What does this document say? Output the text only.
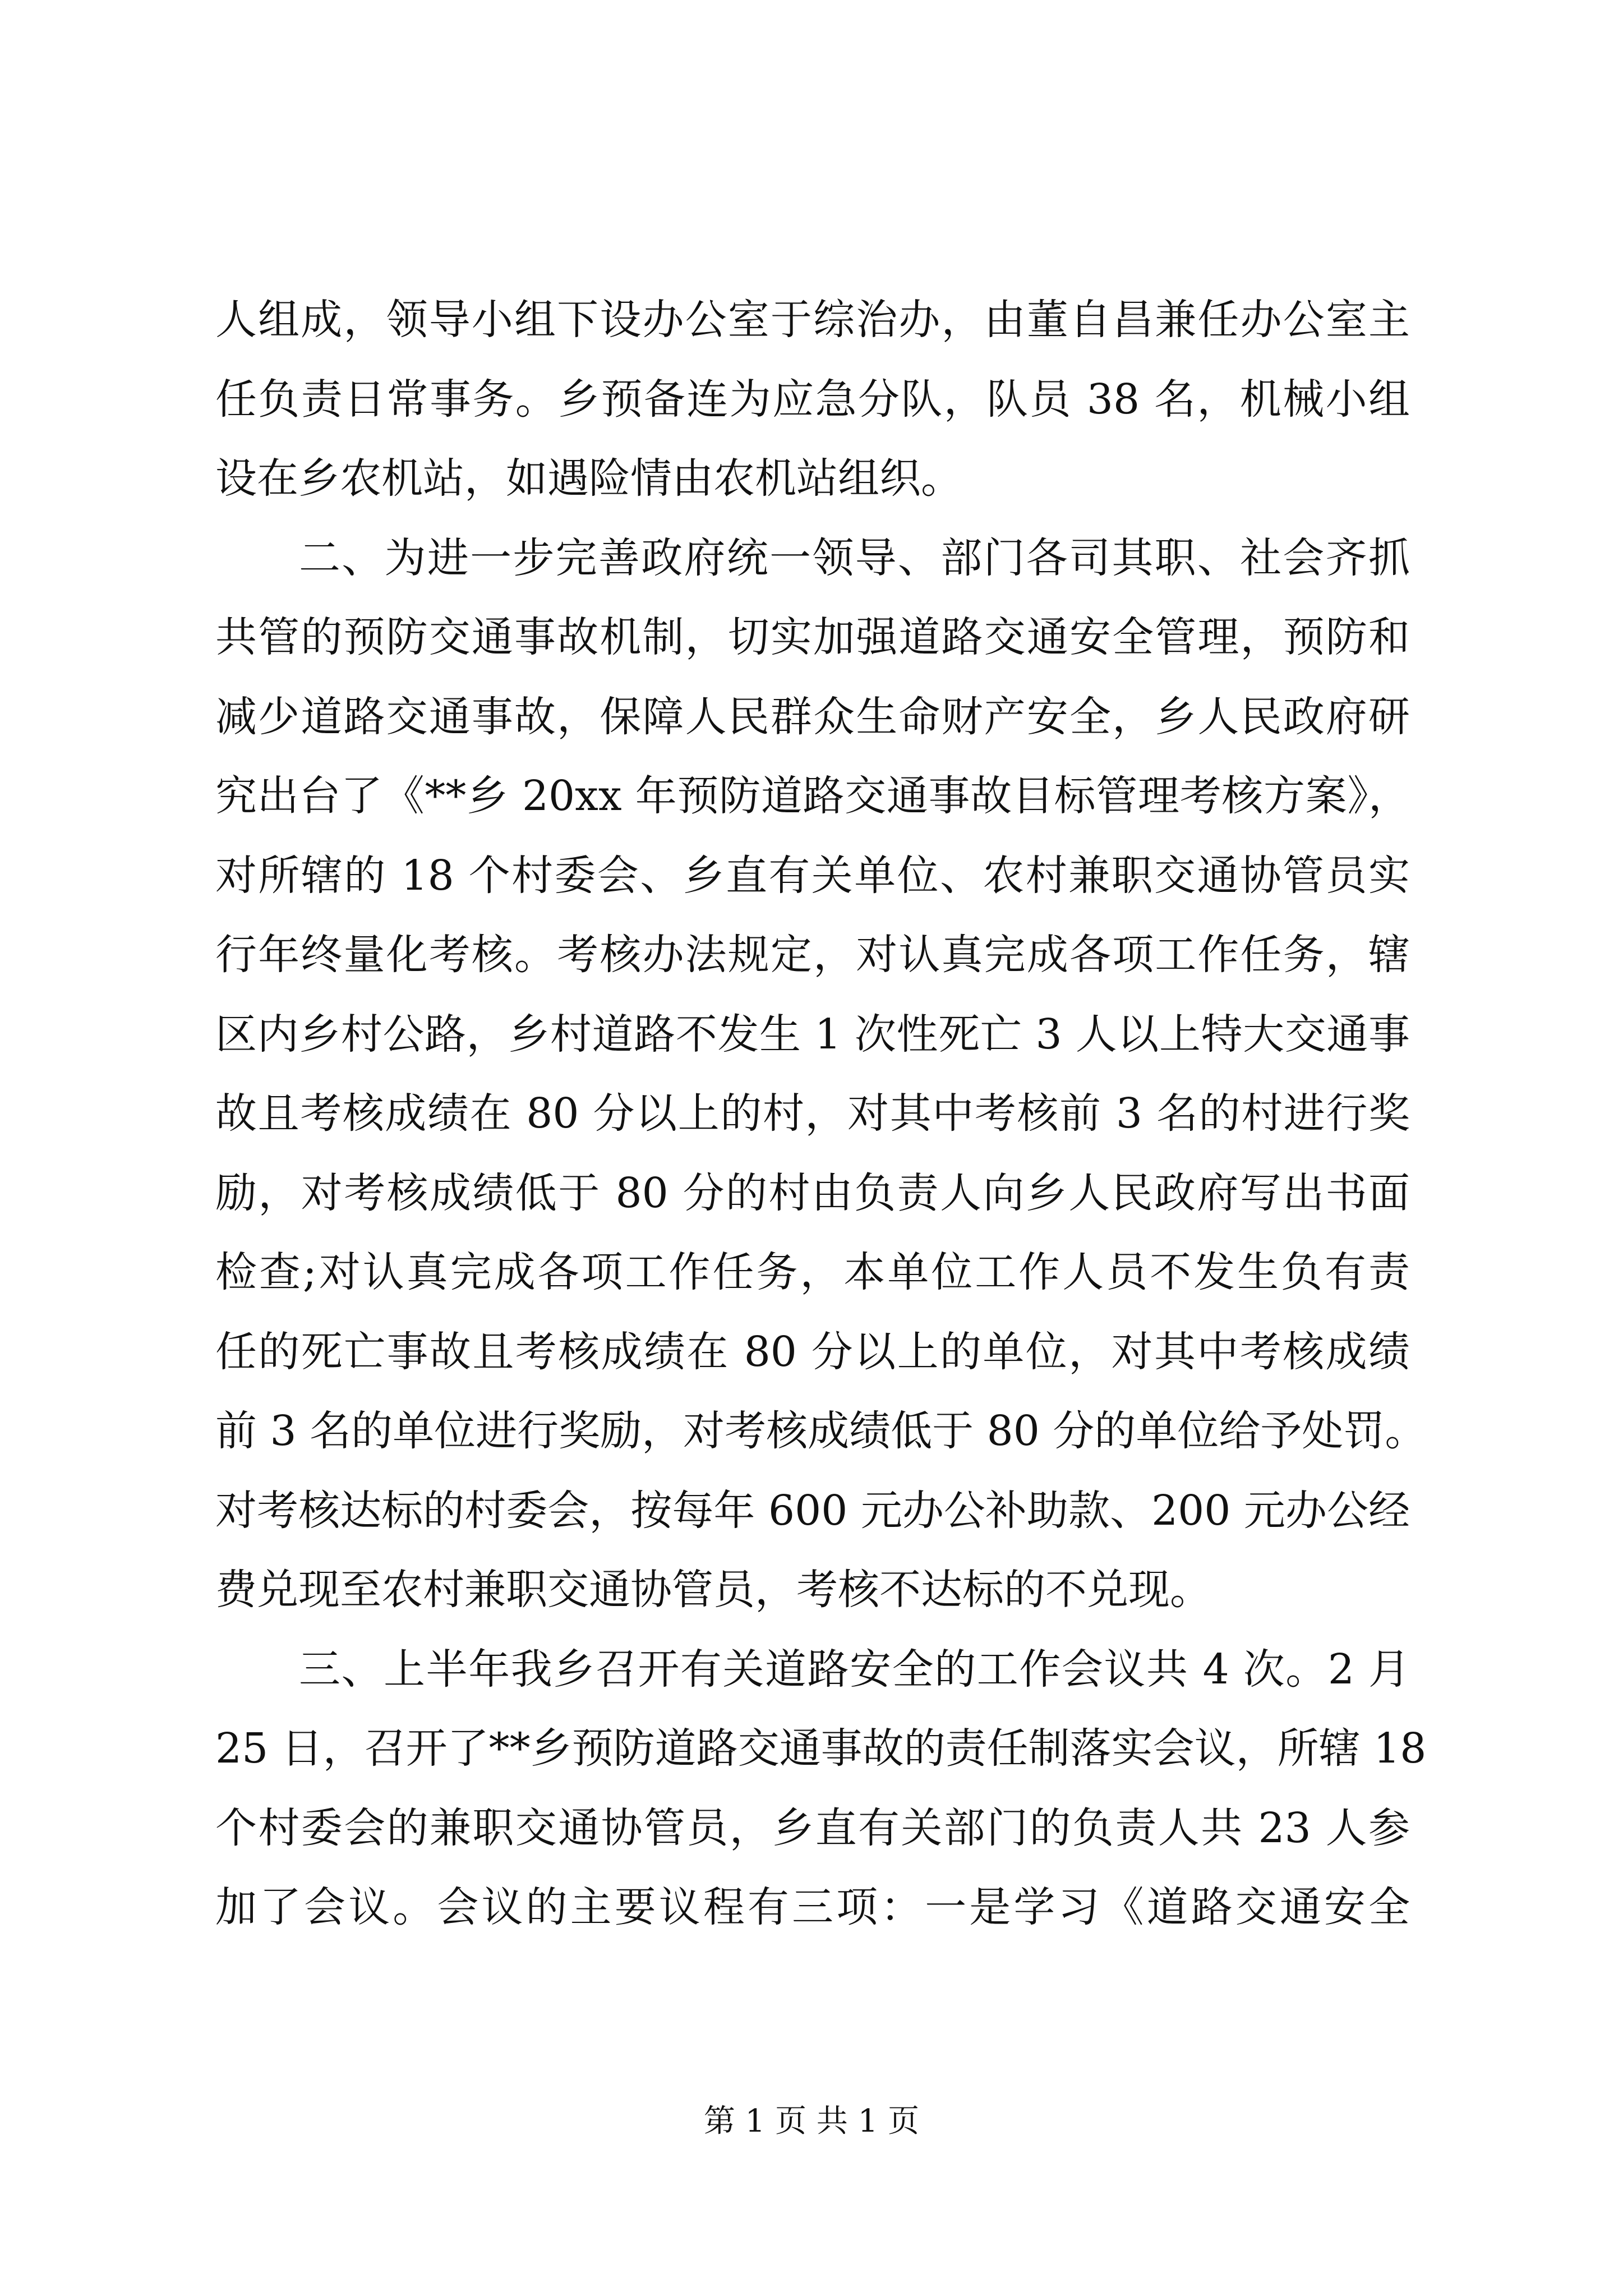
人组成，领导小组下设办公室于综治办，由董自昌兼任办公室主
任负责日常事务。乡预备连为应急分队，队员 38 名，机械小组
设在乡农机站，如遇险情由农机站组织。
二、为进一步完善政府统一领导、部门各司其职、社会齐抓
共管的预防交通事故机制，切实加强道路交通安全管理，预防和
减少道路交通事故，保障人民群众生命财产安全，乡人民政府研
究出台了《**乡 20xx 年预防道路交通事故目标管理考核方案》，
对所辖的 18 个村委会、乡直有关单位、农村兼职交通协管员实
行年终量化考核。考核办法规定，对认真完成各项工作任务，辖
区内乡村公路，乡村道路不发生 1 次性死亡 3 人以上特大交通事
故且考核成绩在 80 分以上的村，对其中考核前 3 名的村进行奖
励，对考核成绩低于 80 分的村由负责人向乡人民政府写出书面
检查;对认真完成各项工作任务，本单位工作人员不发生负有责
任的死亡事故且考核成绩在 80 分以上的单位，对其中考核成绩
前 3 名的单位进行奖励，对考核成绩低于 80 分的单位给予处罚。
对考核达标的村委会，按每年 600 元办公补助款、200 元办公经
费兑现至农村兼职交通协管员，考核不达标的不兑现。
三、上半年我乡召开有关道路安全的工作会议共 4 次。2 月
25 日，召开了**乡预防道路交通事故的责任制落实会议，所辖 18
个村委会的兼职交通协管员，乡直有关部门的负责人共 23 人参
加了会议。会议的主要议程有三项：一是学习《道路交通安全
第 1 页 共 1 页
